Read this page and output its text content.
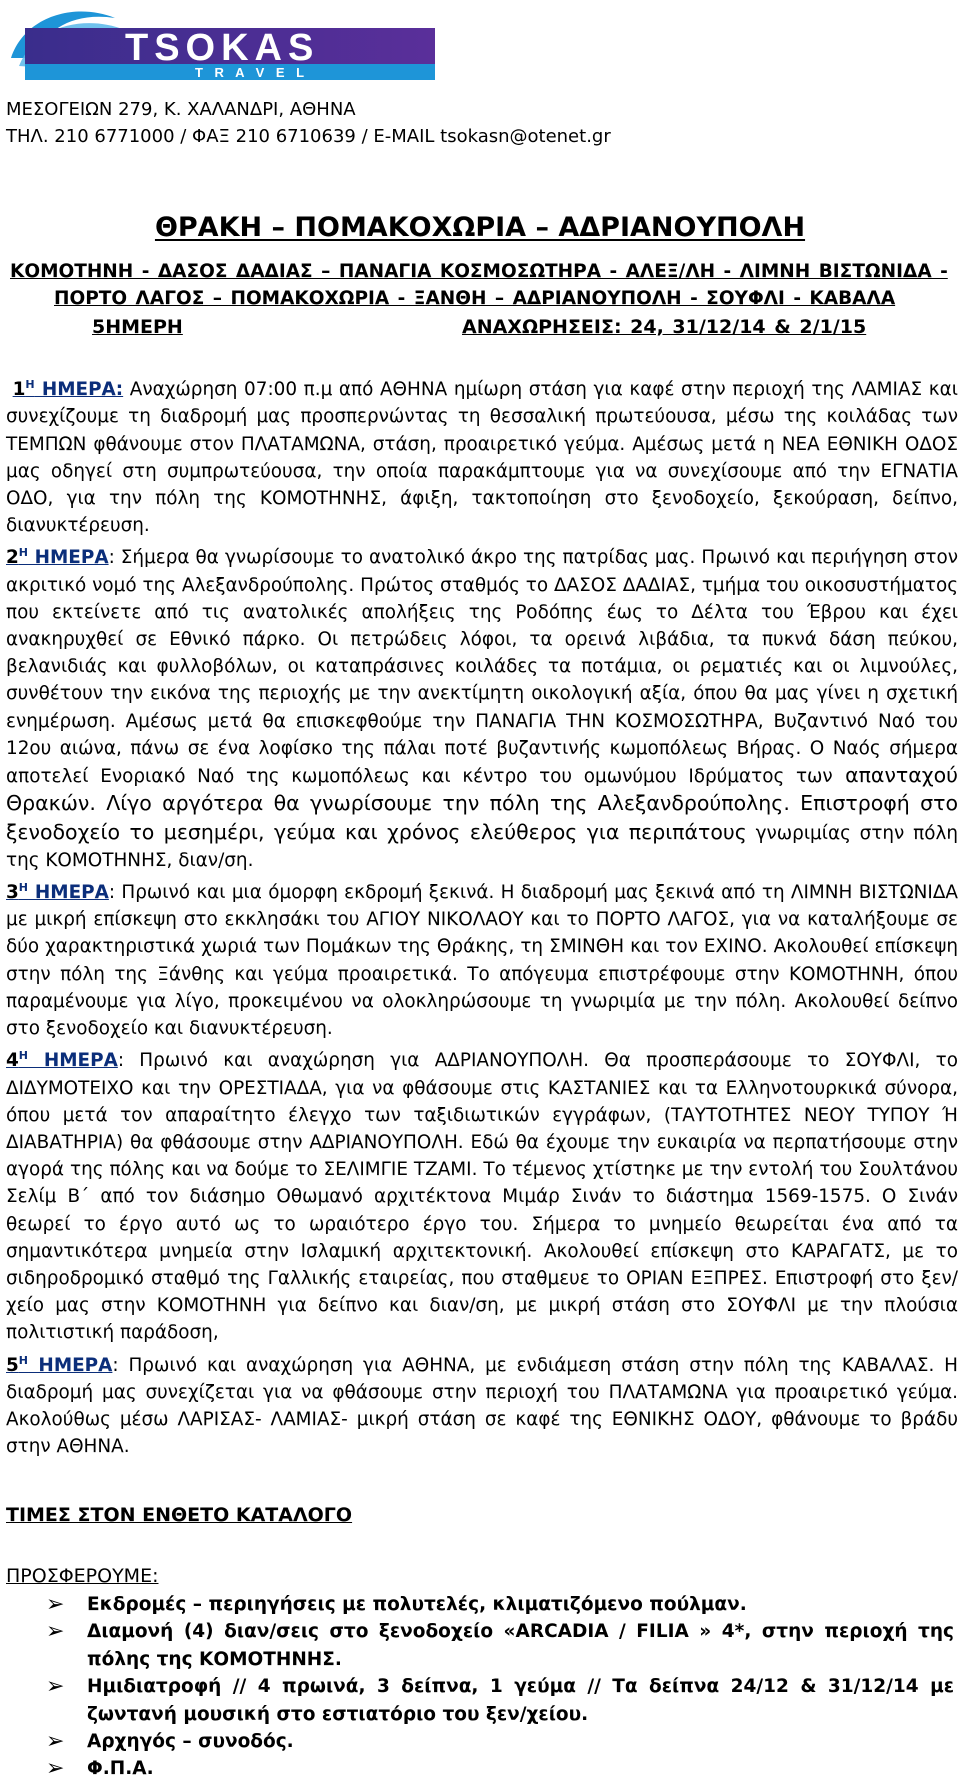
TSOKAS
T R A V E L
ΜΕΣΟΓΕΙΩΝ 279, Κ. ΧΑΛΑΝΔΡΙ, ΑΘΗΝΑ
ΤΗΛ. 210 6771000 / ΦΑΞ 210 6710639 / E-MAIL tsokasn@otenet.gr
ΘΡΑΚΗ – ΠΟΜΑΚΟΧΩΡΙΑ – ΑΔΡΙΑΝΟΥΠΟΛΗ
ΚΟΜΟΤΗΝΗ - ΔΑΣΟΣ ΔΑΔΙΑΣ – ΠΑΝΑΓΙΑ ΚΟΣΜΟΣΩΤΗΡΑ - ΑΛΕΞ/ΛΗ - ΛΙΜΝΗ ΒΙΣΤΩΝΙΔΑ -
ΠΟΡΤΟ ΛΑΓΟΣ – ΠΟΜΑΚΟΧΩΡΙΑ - ΞΑΝΘΗ – ΑΔΡΙΑΝΟΥΠΟΛΗ - ΣΟΥΦΛΙ - ΚΑΒΑΛΑ
5ΗΜΕΡΗ	ΑΝΑΧΩΡΗΣΕΙΣ: 24, 31/12/14 & 2/1/15

$1^H$ ΗΜΕΡΑ: Αναχώρηση 07:00 π.μ από ΑΘΗΝΑ ημίωρη στάση για καφέ στην περιοχή της ΛΑΜΙΑΣ και συνεχίζουμε τη διαδρομή μας προσπερνώντας τη θεσσαλική πρωτεύουσα, μέσω της κοιλάδας των ΤΕΜΠΩΝ φθάνουμε στον ΠΛΑΤΑΜΩΝΑ, στάση, προαιρετικό γεύμα. Αμέσως μετά η ΝΕΑ ΕΘΝΙΚΗ ΟΔΟΣ μας οδηγεί στη συμπρωτεύουσα, την οποία παρακάμπτουμε για να συνεχίσουμε από την ΕΓΝΑΤΙΑ ΟΔΟ, για την πόλη της ΚΟΜΟΤΗΝΗΣ, άφιξη, τακτοποίηση στο ξενοδοχείο, ξεκούραση, δείπνο, διανυκτέρευση.

$2^H$ ΗΜΕΡΑ: Σήμερα θα γνωρίσουμε το ανατολικό άκρο της πατρίδας μας. Πρωινό και περιήγηση στον ακριτικό νομό της Αλεξανδρούπολης. Πρώτος σταθμός το ΔΑΣΟΣ ΔΑΔΙΑΣ, τμήμα του οικοσυστήματος που εκτείνετε από τις ανατολικές απολήξεις της Ροδόπης έως το Δέλτα του Έβρου και έχει ανακηρυχθεί σε Εθνικό πάρκο. Οι πετρώδεις λόφοι, τα ορεινά λιβάδια, τα πυκνά δάση πεύκου, βελανιδιάς και φυλλοβόλων, οι καταπράσινες κοιλάδες τα ποτάμια, οι ρεματιές και οι λιμνούλες, συνθέτουν την εικόνα της περιοχής με την ανεκτίμητη οικολογική αξία, όπου θα μας γίνει η σχετική ενημέρωση. Αμέσως μετά θα επισκεφθούμε την ΠΑΝΑΓΙΑ ΤΗΝ ΚΟΣΜΟΣΩΤΗΡΑ, Βυζαντινό Ναό του 12ου αιώνα, πάνω σε ένα λοφίσκο της πάλαι ποτέ βυζαντινής κωμοπόλεως Βήρας. Ο Ναός σήμερα αποτελεί Ενοριακό Ναό της κωμοπόλεως και κέντρο του ομωνύμου Ιδρύματος των απανταχού Θρακών. Λίγο αργότερα θα γνωρίσουμε την πόλη της Αλεξανδρούπολης. Επιστροφή στο ξενοδοχείο το μεσημέρι, γεύμα και χρόνος ελεύθερος για περιπάτους γνωριμίας στην πόλη της ΚΟΜΟΤΗΝΗΣ, διαν/ση.

$3^H$ ΗΜΕΡΑ: Πρωινό και μια όμορφη εκδρομή ξεκινά. Η διαδρομή μας ξεκινά από τη ΛΙΜΝΗ ΒΙΣΤΩΝΙΔΑ με μικρή επίσκεψη στο εκκλησάκι του ΑΓΙΟΥ ΝΙΚΟΛΑΟΥ και το ΠΟΡΤΟ ΛΑΓΟΣ, για να καταλήξουμε σε δύο χαρακτηριστικά χωριά των Πομάκων της Θράκης, τη ΣΜΙΝΘΗ και τον ΕΧΙΝΟ. Ακολουθεί επίσκεψη στην πόλη της Ξάνθης και γεύμα προαιρετικά. Το απόγευμα επιστρέφουμε στην ΚΟΜΟΤΗΝΗ, όπου παραμένουμε για λίγο, προκειμένου να ολοκληρώσουμε τη γνωριμία με την πόλη. Ακολουθεί δείπνο στο ξενοδοχείο και διανυκτέρευση.

$4^H$ ΗΜΕΡΑ: Πρωινό και αναχώρηση για ΑΔΡΙΑΝΟΥΠΟΛΗ. Θα προσπεράσουμε το ΣΟΥΦΛΙ, το ΔΙΔΥΜΟΤΕΙΧΟ και την ΟΡΕΣΤΙΑΔΑ, για να φθάσουμε στις ΚΑΣΤΑΝΙΕΣ και τα Ελληνοτουρκικά σύνορα, όπου μετά τον απαραίτητο έλεγχο των ταξιδιωτικών εγγράφων, (ΤΑΥΤΟΤΗΤΕΣ ΝΕΟΥ ΤΥΠΟΥ Ή ΔΙΑΒΑΤΗΡΙΑ) θα φθάσουμε στην ΑΔΡΙΑΝΟΥΠΟΛΗ. Εδώ θα έχουμε την ευκαιρία να περπατήσουμε στην αγορά της πόλης και να δούμε το ΣΕΛΙΜΓΙΕ ΤΖΑΜΙ. Το τέμενος χτίστηκε με την εντολή του Σουλτάνου Σελίμ Β΄ από τον διάσημο Οθωμανό αρχιτέκτονα Μιμάρ Σινάν το διάστημα 1569-1575. Ο Σινάν θεωρεί το έργο αυτό ως το ωραιότερο έργο του. Σήμερα το μνημείο θεωρείται ένα από τα σημαντικότερα μνημεία στην Ισλαμική αρχιτεκτονική. Ακολουθεί επίσκεψη στο ΚΑΡΑΓΑΤΣ, με το σιδηροδρομικό σταθμό της Γαλλικής εταιρείας, που σταθμευε το ΟΡΙΑΝ ΕΞΠΡΕΣ. Επιστροφή στο ξεν/χείο μας στην ΚΟΜΟΤΗΝΗ για δείπνο και διαν/ση, με μικρή στάση στο ΣΟΥΦΛΙ με την πλούσια πολιτιστική παράδοση,

$5^H$ ΗΜΕΡΑ: Πρωινό και αναχώρηση για ΑΘΗΝΑ, με ενδιάμεση στάση στην πόλη της ΚΑΒΑΛΑΣ. Η διαδρομή μας συνεχίζεται για να φθάσουμε στην περιοχή του ΠΛΑΤΑΜΩΝΑ για προαιρετικό γεύμα. Ακολούθως μέσω ΛΑΡΙΣΑΣ- ΛΑΜΙΑΣ- μικρή στάση σε καφέ της ΕΘΝΙΚΗΣ ΟΔΟΥ, φθάνουμε το βράδυ στην ΑΘΗΝΑ.

ΤΙΜΕΣ ΣΤΟΝ ΕΝΘΕΤΟ ΚΑΤΑΛΟΓΟ
ΠΡΟΣΦΕΡΟΥΜΕ:
➢ Εκδρομές – περιηγήσεις με πολυτελές, κλιματιζόμενο πούλμαν.
➢ Διαμονή (4) διαν/σεις στο ξενοδοχείο «ARCADIA / FILIA » 4*, στην περιοχή της πόλης της ΚΟΜΟΤΗΝΗΣ.
➢ Ημιδιατροφή // 4 πρωινά, 3 δείπνα, 1 γεύμα // Τα δείπνα 24/12 & 31/12/14 με ζωντανή μουσική στο εστιατόριο του ξεν/χείου.
➢ Αρχηγός – συνοδός.
➢ Φ.Π.Α.
